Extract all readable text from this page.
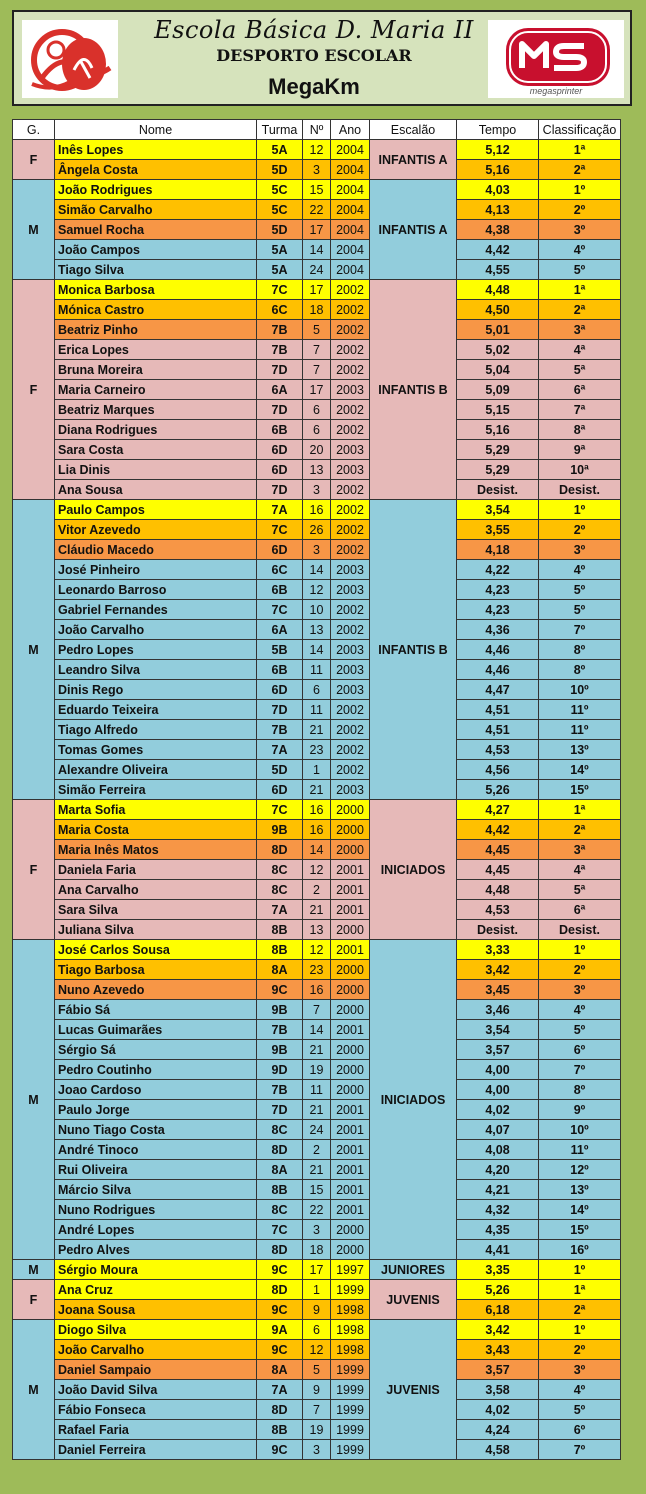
Escola Básica D. Maria II
DESPORTO ESCOLAR
MegaKm	megasprinter
G.	Nome	Turma	Nº	Ano	Escalão	Tempo	Classificação
F	Inês Lopes	5A	12	2004	INFANTIS A	5,12	1ª
	Ângela Costa	5D	3	2004		5,16	2ª
M	João Rodrigues	5C	15	2004	INFANTIS A	4,03	1º
	Simão Carvalho	5C	22	2004		4,13	2º
	Samuel Rocha	5D	17	2004		4,38	3º
	João Campos	5A	14	2004		4,42	4º
	Tiago Silva	5A	24	2004		4,55	5º
F	Monica Barbosa	7C	17	2002	INFANTIS B	4,48	1ª
	Mónica Castro	6C	18	2002		4,50	2ª
	Beatriz Pinho	7B	5	2002		5,01	3ª
	Erica Lopes	7B	7	2002		5,02	4ª
	Bruna Moreira	7D	7	2002		5,04	5ª
	Maria Carneiro	6A	17	2003		5,09	6ª
	Beatriz Marques	7D	6	2002		5,15	7ª
	Diana Rodrigues	6B	6	2002		5,16	8ª
	Sara Costa	6D	20	2003		5,29	9ª
	Lia Dinis	6D	13	2003		5,29	10ª
	Ana Sousa	7D	3	2002		Desist.	Desist.
M	Paulo Campos	7A	16	2002	INFANTIS B	3,54	1º
	Vitor Azevedo	7C	26	2002		3,55	2º
	Cláudio Macedo	6D	3	2002		4,18	3º
	José Pinheiro	6C	14	2003		4,22	4º
	Leonardo Barroso	6B	12	2003		4,23	5º
	Gabriel Fernandes	7C	10	2002		4,23	5º
	João Carvalho	6A	13	2002		4,36	7º
	Pedro Lopes	5B	14	2003		4,46	8º
	Leandro Silva	6B	11	2003		4,46	8º
	Dinis Rego	6D	6	2003		4,47	10º
	Eduardo Teixeira	7D	11	2002		4,51	11º
	Tiago Alfredo	7B	21	2002		4,51	11º
	Tomas Gomes	7A	23	2002		4,53	13º
	Alexandre Oliveira	5D	1	2002		4,56	14º
	Simão Ferreira	6D	21	2003		5,26	15º
F	Marta Sofia	7C	16	2000	INICIADOS	4,27	1ª
	Maria Costa	9B	16	2000		4,42	2ª
	Maria Inês Matos	8D	14	2000		4,45	3ª
	Daniela Faria	8C	12	2001		4,45	4ª
	Ana Carvalho	8C	2	2001		4,48	5ª
	Sara Silva	7A	21	2001		4,53	6ª
	Juliana Silva	8B	13	2000		Desist.	Desist.
M	José Carlos Sousa	8B	12	2001	INICIADOS	3,33	1º
	Tiago Barbosa	8A	23	2000		3,42	2º
	Nuno Azevedo	9C	16	2000		3,45	3º
	Fábio Sá	9B	7	2000		3,46	4º
	Lucas Guimarães	7B	14	2001		3,54	5º
	Sérgio Sá	9B	21	2000		3,57	6º
	Pedro Coutinho	9D	19	2000		4,00	7º
	Joao Cardoso	7B	11	2000		4,00	8º
	Paulo Jorge	7D	21	2001		4,02	9º
	Nuno Tiago Costa	8C	24	2001		4,07	10º
	André Tinoco	8D	2	2001		4,08	11º
	Rui Oliveira	8A	21	2001		4,20	12º
	Márcio Silva	8B	15	2001		4,21	13º
	Nuno Rodrigues	8C	22	2001		4,32	14º
	André Lopes	7C	3	2000		4,35	15º
	Pedro Alves	8D	18	2000		4,41	16º
M	Sérgio Moura	9C	17	1997	JUNIORES	3,35	1º
F	Ana Cruz	8D	1	1999	JUVENIS	5,26	1ª
	Joana Sousa	9C	9	1998		6,18	2ª
M	Diogo Silva	9A	6	1998	JUVENIS	3,42	1º
	João Carvalho	9C	12	1998		3,43	2º
	Daniel Sampaio	8A	5	1999		3,57	3º
	João David Silva	7A	9	1999		3,58	4º
	Fábio Fonseca	8D	7	1999		4,02	5º
	Rafael Faria	8B	19	1999		4,24	6º
	Daniel Ferreira	9C	3	1999		4,58	7º
